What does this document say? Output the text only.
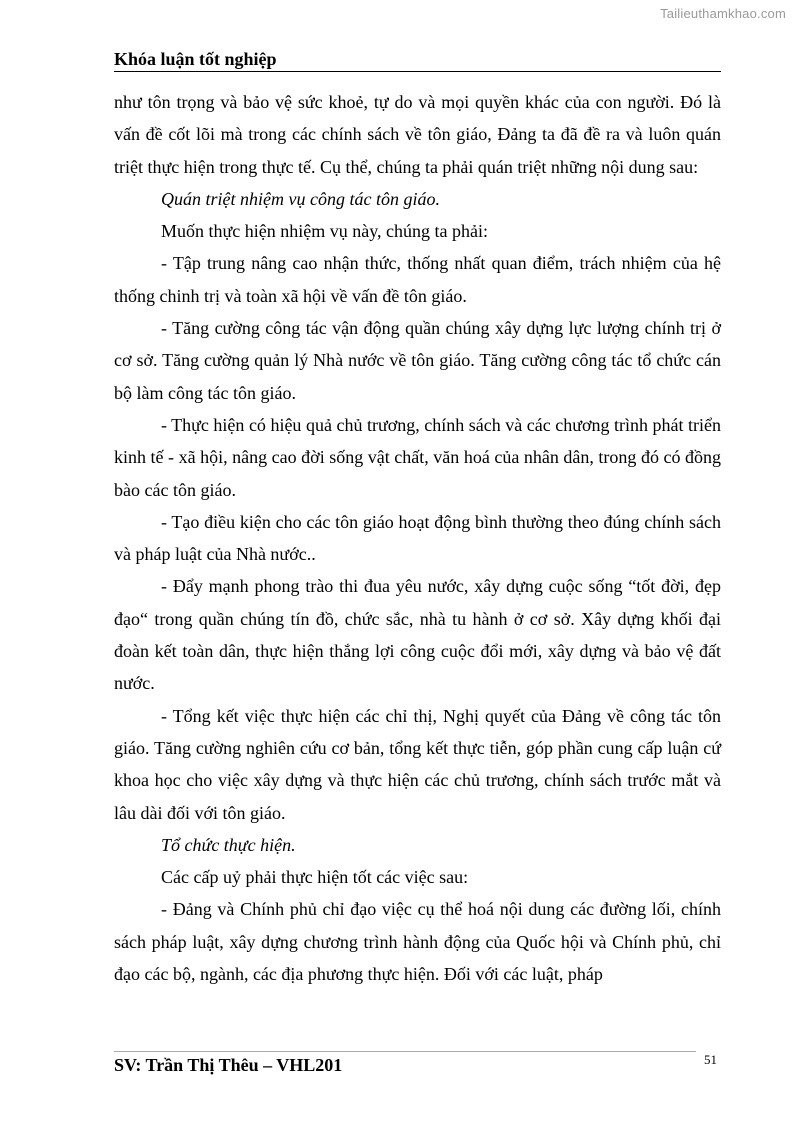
Tailieuthamkhao.com
Khóa luận tốt nghiệp

như tôn trọng và bảo vệ sức khoẻ, tự do và mọi quyền khác của con người. Đó là vấn đề cốt lõi mà trong các chính sách về tôn giáo, Đảng ta đã đề ra và luôn quán triệt thực hiện trong thực tế. Cụ thể, chúng ta phải quán triệt những nội dung sau:

Quán triệt nhiệm vụ công tác tôn giáo.

Muốn thực hiện nhiệm vụ này, chúng ta phải:

- Tập trung nâng cao nhận thức, thống nhất quan điểm, trách nhiệm của hệ thống chinh trị và toàn xã hội về vấn đề tôn giáo.

- Tăng cường công tác vận động quần chúng xây dựng lực lượng chính trị ở cơ sở. Tăng cường quản lý Nhà nước về tôn giáo. Tăng cường công tác tổ chức cán bộ làm công tác tôn giáo.

- Thực hiện có hiệu quả chủ trương, chính sách và các chương trình phát triển kinh tế - xã hội, nâng cao đời sống vật chất, văn hoá của nhân dân, trong đó có đồng bào các tôn giáo.

- Tạo điều kiện cho các tôn giáo hoạt động bình thường theo đúng chính sách và pháp luật của Nhà nước..

- Đẩy mạnh phong trào thi đua yêu nước, xây dựng cuộc sống “tốt đời, đẹp đạo“ trong quần chúng tín đồ, chức sắc, nhà tu hành ở cơ sở. Xây dựng khối đại đoàn kết toàn dân, thực hiện thắng lợi công cuộc đổi mới, xây dựng và bảo vệ đất nước.

- Tổng kết việc thực hiện các chỉ thị, Nghị quyết của Đảng về công tác tôn giáo. Tăng cường nghiên cứu cơ bản, tổng kết thực tiễn, góp phần cung cấp luận cứ khoa học cho việc xây dựng và thực hiện các chủ trương, chính sách trước mắt và lâu dài đối với tôn giáo.

Tổ chức thực hiện.

Các cấp uỷ phải thực hiện tốt các việc sau:

- Đảng và Chính phủ chỉ đạo việc cụ thể hoá nội dung các đường lối, chính sách pháp luật, xây dựng chương trình hành động của Quốc hội và Chính phủ, chỉ đạo các bộ, ngành, các địa phương thực hiện. Đối với các luật, pháp

51
SV: Trần Thị Thêu – VHL201
